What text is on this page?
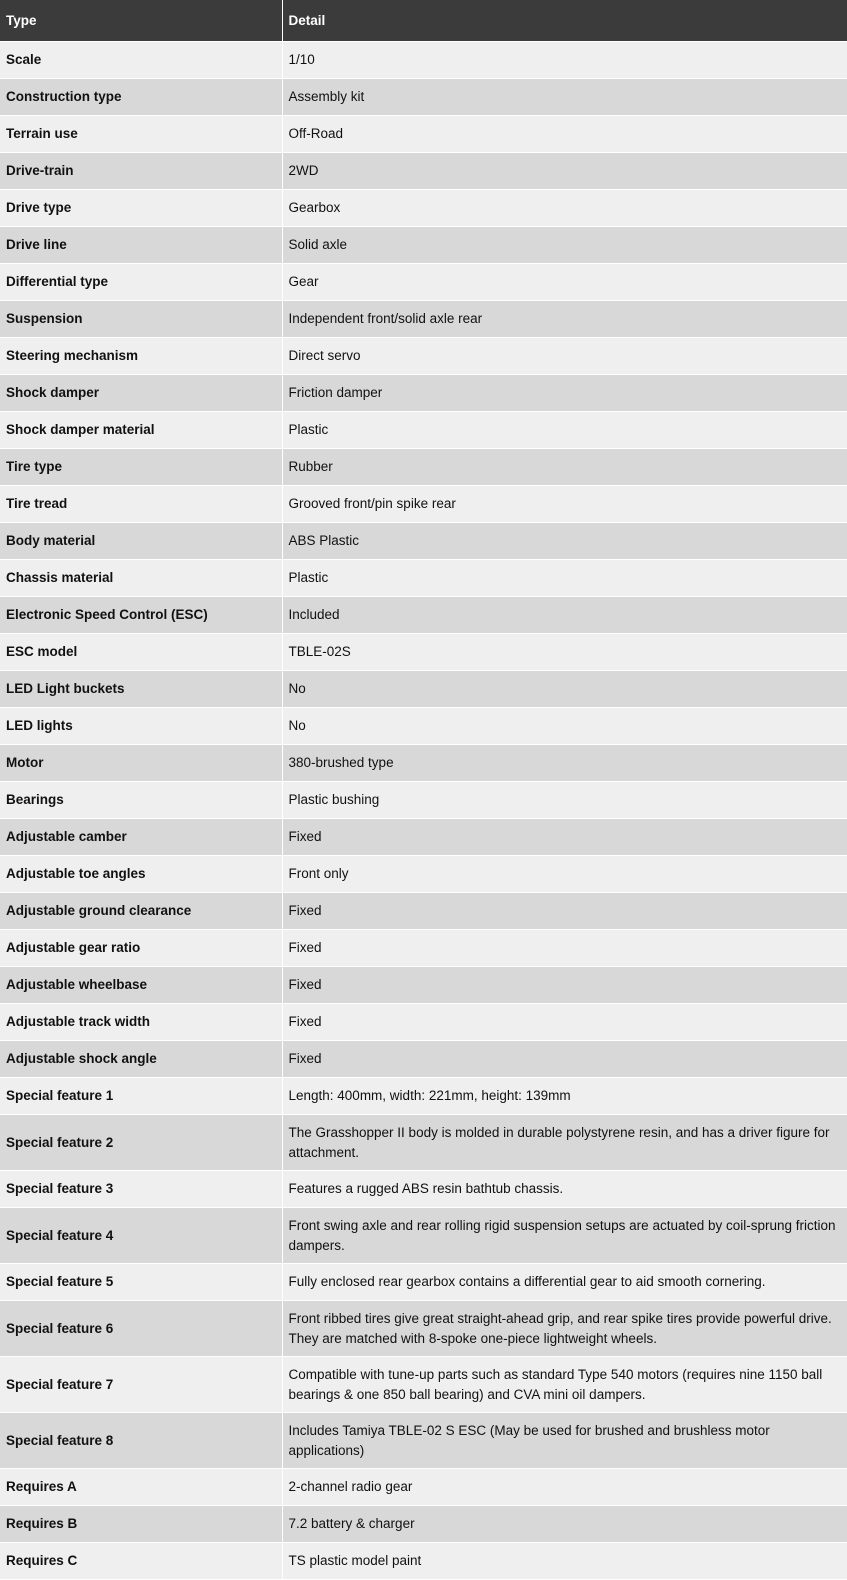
Type	Detail
Scale	1/10
Construction type	Assembly kit
Terrain use	Off-Road
Drive-train	2WD
Drive type	Gearbox
Drive line	Solid axle
Differential type	Gear
Suspension	Independent front/solid axle rear
Steering mechanism	Direct servo
Shock damper	Friction damper
Shock damper material	Plastic
Tire type	Rubber
Tire tread	Grooved front/pin spike rear
Body material	ABS Plastic
Chassis material	Plastic
Electronic Speed Control (ESC)	Included
ESC model	TBLE-02S
LED Light buckets	No
LED lights	No
Motor	380-brushed type
Bearings	Plastic bushing
Adjustable camber	Fixed
Adjustable toe angles	Front only
Adjustable ground clearance	Fixed
Adjustable gear ratio	Fixed
Adjustable wheelbase	Fixed
Adjustable track width	Fixed
Adjustable shock angle	Fixed
Special feature 1	Length: 400mm, width: 221mm, height: 139mm
Special feature 2	The Grasshopper II body is molded in durable polystyrene resin, and has a driver figure for attachment.
Special feature 3	Features a rugged ABS resin bathtub chassis.
Special feature 4	Front swing axle and rear rolling rigid suspension setups are actuated by coil-sprung friction dampers.
Special feature 5	Fully enclosed rear gearbox contains a differential gear to aid smooth cornering.
Special feature 6	Front ribbed tires give great straight-ahead grip, and rear spike tires provide powerful drive. They are matched with 8-spoke one-piece lightweight wheels.
Special feature 7	Compatible with tune-up parts such as standard Type 540 motors (requires nine 1150 ball bearings & one 850 ball bearing) and CVA mini oil dampers.
Special feature 8	Includes Tamiya TBLE-02 S ESC (May be used for brushed and brushless motor applications)
Requires A	2-channel radio gear
Requires B	7.2 battery & charger
Requires C	TS plastic model paint
